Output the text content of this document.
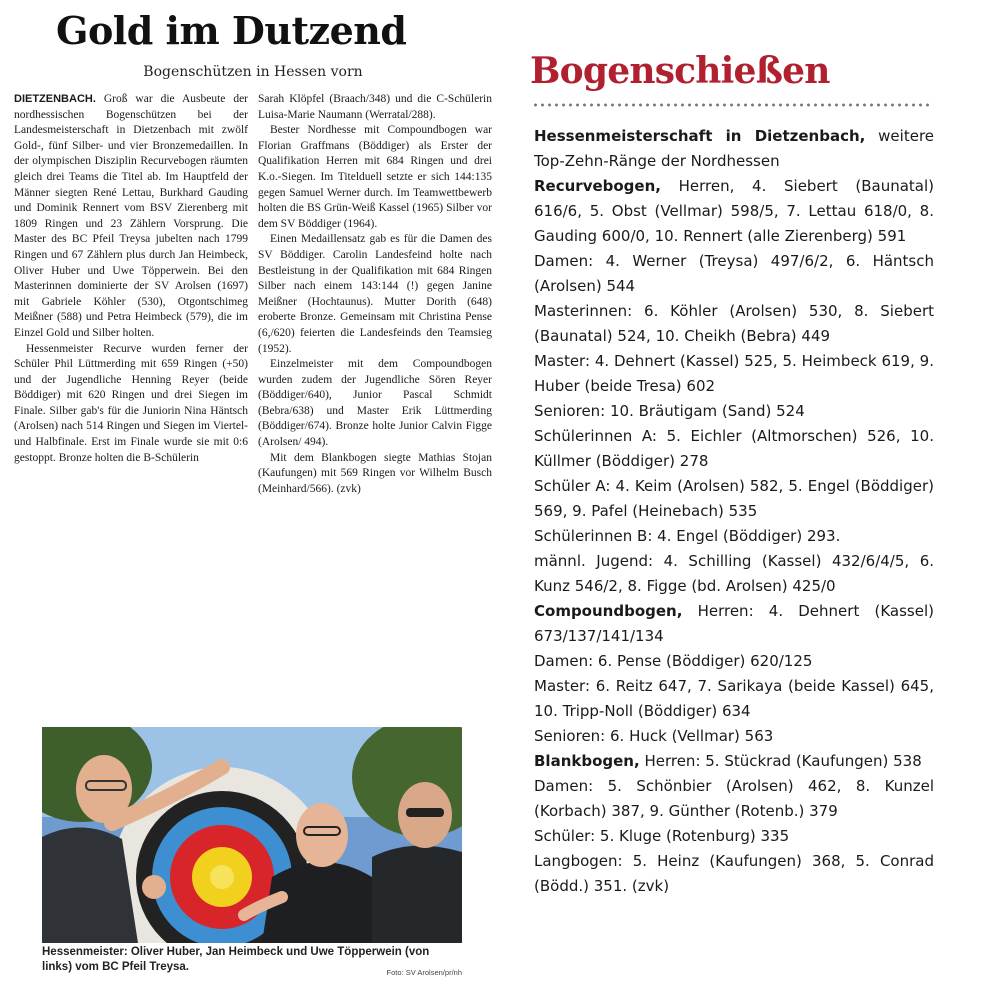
Gold im Dutzend
Bogenschützen in Hessen vorn

DIETZENBACH. Groß war die Ausbeute der nordhessischen Bogenschützen bei der Landesmeisterschaft in Dietzenbach mit zwölf Gold-, fünf Silber- und vier Bronzemedaillen. In der olympischen Disziplin Recurvebogen räumten gleich drei Teams die Titel ab. Im Hauptfeld der Männer siegten René Lettau, Burkhard Gauding und Dominik Rennert vom BSV Zierenberg mit 1809 Ringen und 23 Zählern Vorsprung. Die Master des BC Pfeil Treysa jubelten nach 1799 Ringen und 67 Zählern plus durch Jan Heimbeck, Oliver Huber und Uwe Töpperwein. Bei den Masterinnen dominierte der SV Arolsen (1697) mit Gabriele Köhler (530), Otgontschimeg Meißner (588) und Petra Heimbeck (579), die im Einzel Gold und Silber holten.

Hessenmeister Recurve wurden ferner der Schüler Phil Lüttmerding mit 659 Ringen (+50) und der Jugendliche Henning Reyer (beide Böddiger) mit 620 Ringen und drei Siegen im Finale. Silber gab's für die Juniorin Nina Häntsch (Arolsen) nach 514 Ringen und Siegen im Viertel- und Halbfinale. Erst im Finale wurde sie mit 0:6 gestoppt. Bronze holten die B-Schülerin

Sarah Klöpfel (Braach/348) und die C-Schülerin Luisa-Marie Naumann (Werratal/288).

Bester Nordhesse mit Compoundbogen war Florian Graffmans (Böddiger) als Erster der Qualifikation Herren mit 684 Ringen und drei K.o.-Siegen. Im Titelduell setzte er sich 144:135 gegen Samuel Werner durch. Im Teamwettbewerb holten die BS Grün-Weiß Kassel (1965) Silber vor dem SV Böddiger (1964).

Einen Medaillensatz gab es für die Damen des SV Böddiger. Carolin Landesfeind holte nach Bestleistung in der Qualifikation mit 684 Ringen Silber nach einem 143:144 (!) gegen Janine Meißner (Hochtaunus). Mutter Dorith (648) eroberte Bronze. Gemeinsam mit Christina Pense (6,/620) feierten die Landesfeinds den Teamsieg (1952).

Einzelmeister mit dem Compoundbogen wurden zudem der Jugendliche Sören Reyer (Böddiger/640), Junior Pascal Schmidt (Bebra/638) und Master Erik Lüttmerding (Böddiger/674). Bronze holte Junior Calvin Figge (Arolsen/ 494).

Mit dem Blankbogen siegte Mathias Stojan (Kaufungen) mit 569 Ringen vor Wilhelm Busch (Meinhard/566). (zvk)

Hessenmeister: Oliver Huber, Jan Heimbeck und Uwe Töpperwein (von links) vom BC Pfeil Treysa.	Foto: SV Arolsen/pr/nh
Bogenschießen

Hessenmeisterschaft in Dietzenbach, weitere Top-Zehn-Ränge der Nordhessen

Recurvebogen, Herren, 4. Siebert (Baunatal) 616/6, 5. Obst (Vellmar) 598/5, 7. Lettau 618/0, 8. Gauding 600/0, 10. Rennert (alle Zierenberg) 591

Damen: 4. Werner (Treysa) 497/6/2, 6. Häntsch (Arolsen) 544

Masterinnen: 6. Köhler (Arolsen) 530, 8. Siebert (Baunatal) 524, 10. Cheikh (Bebra) 449

Master: 4. Dehnert (Kassel) 525, 5. Heimbeck 619, 9. Huber (beide Tresa) 602

Senioren: 10. Bräutigam (Sand) 524

Schülerinnen A: 5. Eichler (Altmorschen) 526, 10. Küllmer (Böddiger) 278

Schüler A: 4. Keim (Arolsen) 582, 5. Engel (Böddiger) 569, 9. Pafel (Heinebach) 535

Schülerinnen B: 4. Engel (Böddiger) 293.

männl. Jugend: 4. Schilling (Kassel) 432/6/4/5, 6. Kunz 546/2, 8. Figge (bd. Arolsen) 425/0

Compoundbogen, Herren: 4. Dehnert (Kassel) 673/137/141/134

Damen: 6. Pense (Böddiger) 620/125

Master: 6. Reitz 647, 7. Sarikaya (beide Kassel) 645, 10. Tripp-Noll (Böddiger) 634

Senioren: 6. Huck (Vellmar) 563

Blankbogen, Herren: 5. Stückrad (Kaufungen) 538

Damen: 5. Schönbier (Arolsen) 462, 8. Kunzel (Korbach) 387, 9. Günther (Rotenb.) 379

Schüler: 5. Kluge (Rotenburg) 335

Langbogen: 5. Heinz (Kaufungen) 368, 5. Conrad (Bödd.) 351. (zvk)
